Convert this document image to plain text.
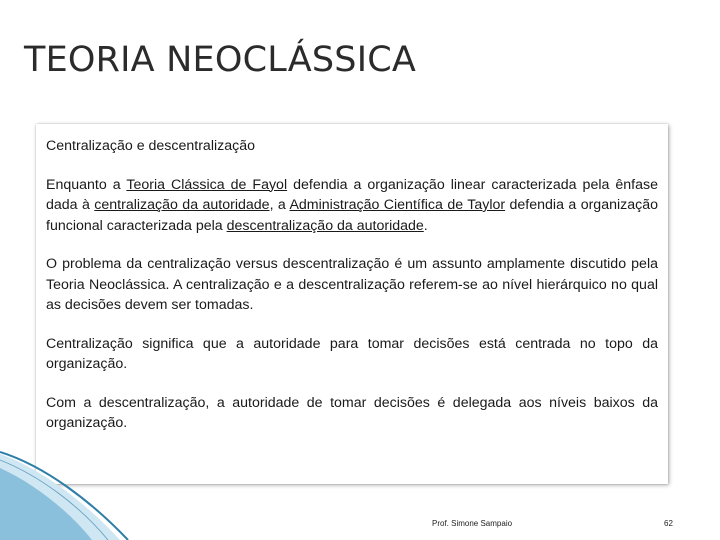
TEORIA NEOCLÁSSICA

Centralização e descentralização

Enquanto a Teoria Clássica de Fayol defendia a organização linear caracterizada pela ênfase dada à centralização da autoridade, a Administração Científica de Taylor defendia a organização funcional caracterizada pela descentralização da autoridade.

O problema da centralização versus descentralização é um assunto amplamente discutido pela Teoria Neoclássica. A centralização e a descentralização referem-se ao nível hierárquico no qual as decisões devem ser tomadas.

Centralização significa que a autoridade para tomar decisões está centrada no topo da organização.

Com a descentralização, a autoridade de tomar decisões é delegada aos níveis baixos da organização.

Prof. Simone Sampaio	62
